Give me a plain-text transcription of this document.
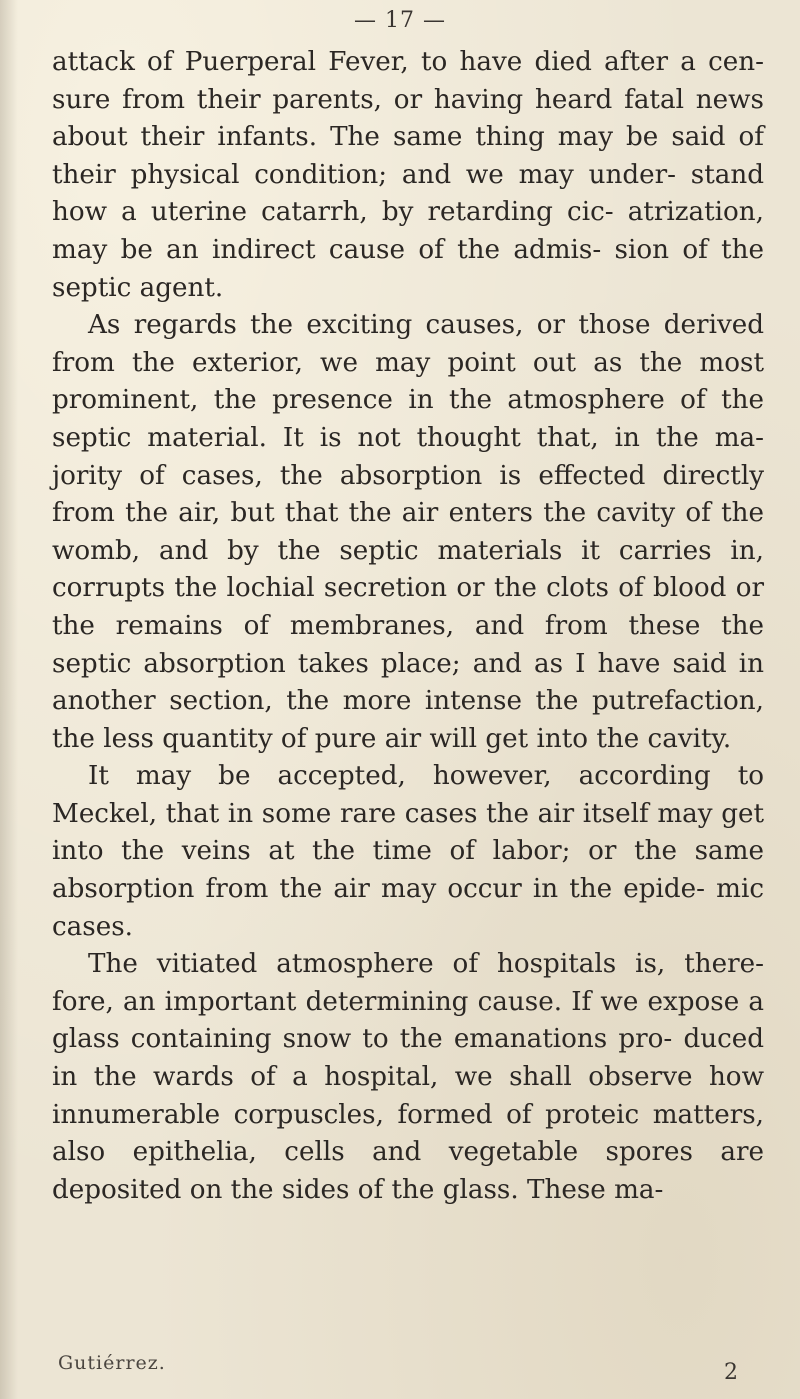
— 17 —

attack of Puerperal Fever, to have died after a cen- sure from their parents, or having heard fatal news about their infants. The same thing may be said of their physical condition; and we may under- stand how a uterine catarrh, by retarding cic- atrization, may be an indirect cause of the admis- sion of the septic agent.

As regards the exciting causes, or those derived from the exterior, we may point out as the most prominent, the presence in the atmosphere of the septic material. It is not thought that, in the ma- jority of cases, the absorption is effected directly from the air, but that the air enters the cavity of the womb, and by the septic materials it carries in, corrupts the lochial secretion or the clots of blood or the remains of membranes, and from these the septic absorption takes place; and as I have said in another section, the more intense the putrefaction, the less quantity of pure air will get into the cavity.

It may be accepted, however, according to Meckel, that in some rare cases the air itself may get into the veins at the time of labor; or the same absorption from the air may occur in the epide- mic cases.

The vitiated atmosphere of hospitals is, there- fore, an important determining cause. If we expose a glass containing snow to the emanations pro- duced in the wards of a hospital, we shall observe how innumerable corpuscles, formed of proteic matters, also epithelia, cells and vegetable spores are deposited on the sides of the glass. These ma-

Gutiérrez.	2
